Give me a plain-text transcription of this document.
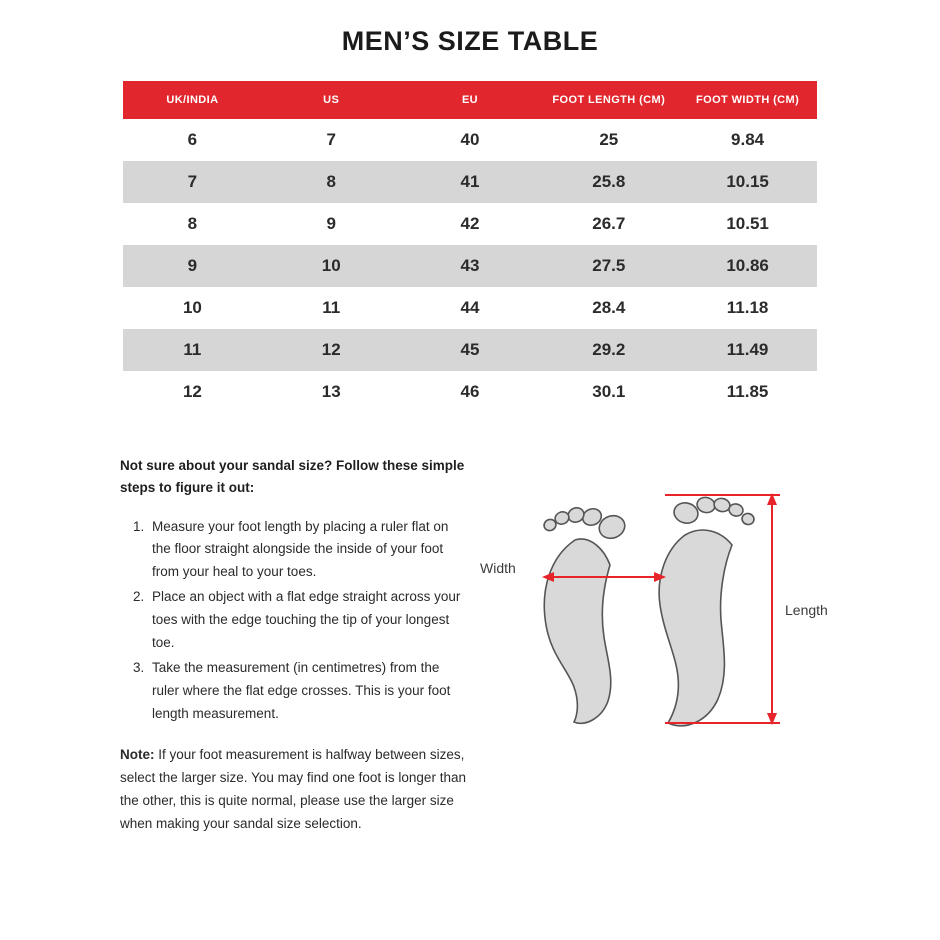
MEN’S SIZE TABLE
UK/INDIA	US	EU	FOOT LENGTH (CM)	FOOT WIDTH (CM)
6	7	40	25	9.84
7	8	41	25.8	10.15
8	9	42	26.7	10.51
9	10	43	27.5	10.86
10	11	44	28.4	11.18
11	12	45	29.2	11.49
12	13	46	30.1	11.85

Not sure about your sandal size? Follow these simple steps to figure it out:

1. Measure your foot length by placing a ruler flat on the floor straight alongside the inside of your foot from your heal to your toes.
2. Place an object with a flat edge straight across your toes with the edge touching the tip of your longest toe.
3. Take the measurement (in centimetres) from the ruler where the flat edge crosses. This is your foot length measurement.

Note: If your foot measurement is halfway between sizes, select the larger size. You may find one foot is longer than the other, this is quite normal, please use the larger size when making your sandal size selection.

Length
Width
